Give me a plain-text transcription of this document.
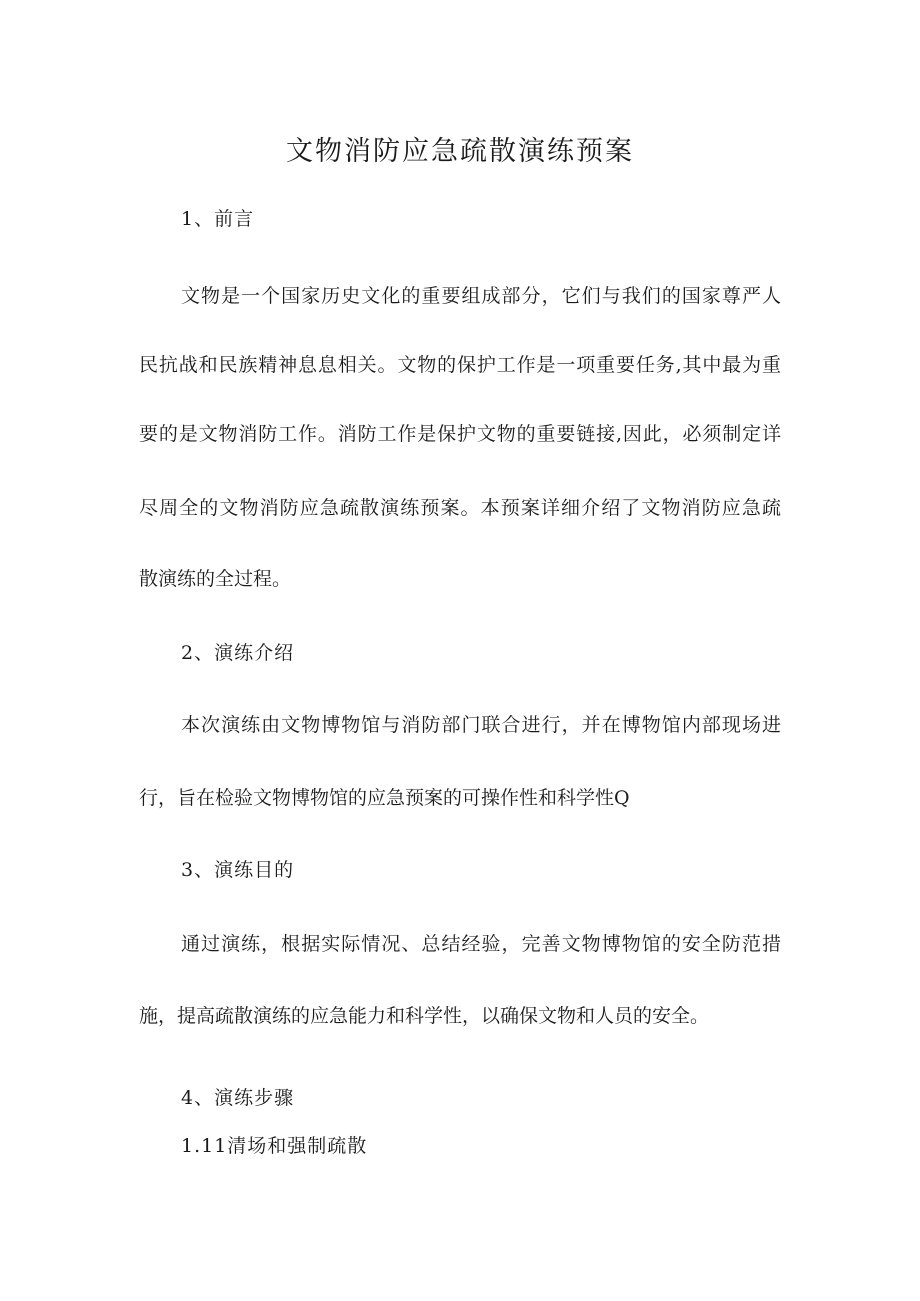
文物消防应急疏散演练预案
1、前言
文物是一个国家历史文化的重要组成部分，它们与我们的国家尊严人
民抗战和民族精神息息相关。文物的保护工作是一项重要任务,其中最为重
要的是文物消防工作。消防工作是保护文物的重要链接,因此，必须制定详
尽周全的文物消防应急疏散演练预案。本预案详细介绍了文物消防应急疏
散演练的全过程。
2、演练介绍
本次演练由文物博物馆与消防部门联合进行，并在博物馆内部现场进
行，旨在检验文物博物馆的应急预案的可操作性和科学性Q
3、演练目的
通过演练，根据实际情况、总结经验，完善文物博物馆的安全防范措
施，提高疏散演练的应急能力和科学性，以确保文物和人员的安全。
4、演练步骤
1.11清场和强制疏散
